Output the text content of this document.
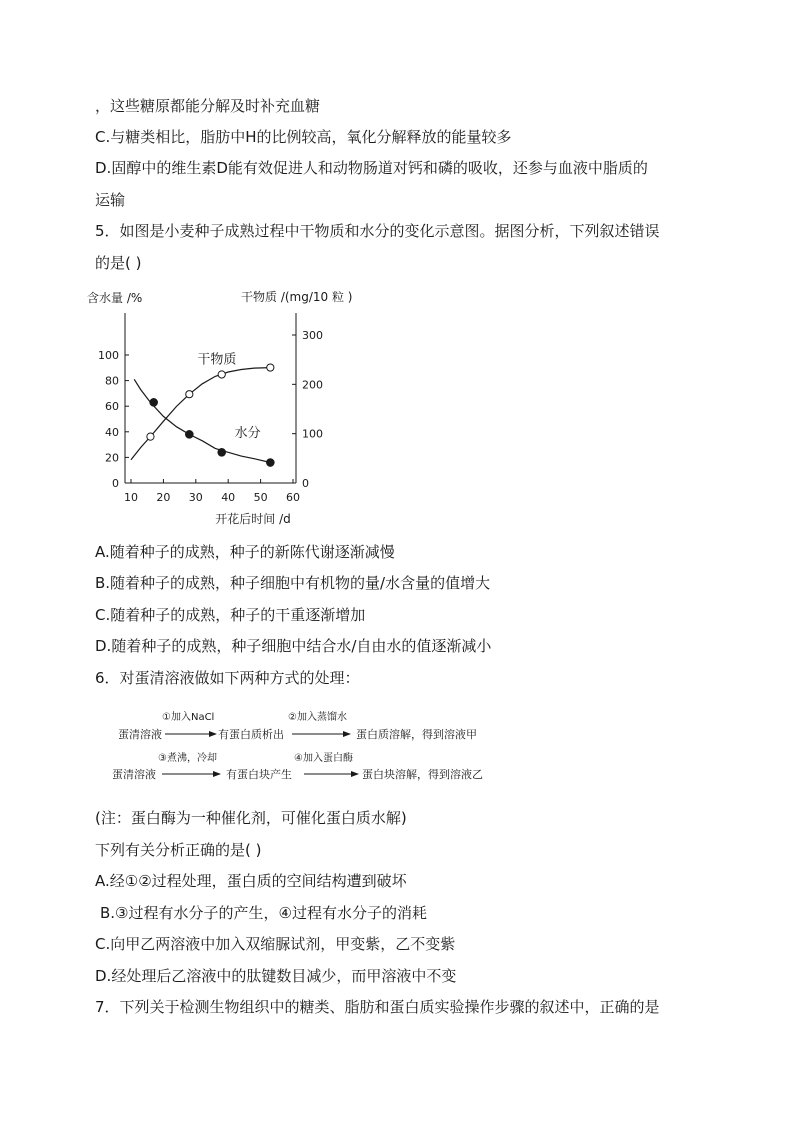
，这些糖原都能分解及时补充血糖
C.与糖类相比，脂肪中H的比例较高，氧化分解释放的能量较多
D.固醇中的维生素D能有效促进人和动物肠道对钙和磷的吸收，还参与血液中脂质的
运输
5．如图是小麦种子成熟过程中干物质和水分的变化示意图。据图分析，下列叙述错误
的是( )
0
20
40
60
80
100
0
100
200
300
10 20 30 40 50 60
含水量 /%	干物质 /(mg/10 粒 )
开花后时间 /d
干物质
水分
A.随着种子的成熟，种子的新陈代谢逐渐减慢
B.随着种子的成熟，种子细胞中有机物的量/水含量的值增大
C.随着种子的成熟，种子的干重逐渐增加
D.随着种子的成熟，种子细胞中结合水/自由水的值逐渐减小
6．对蛋清溶液做如下两种方式的处理：
蛋清溶液
①加入NaCl
有蛋白质析出
②加入蒸馏水
蛋白质溶解，得到溶液甲
蛋清溶液
③煮沸，冷却
有蛋白块产生
④加入蛋白酶
蛋白块溶解，得到溶液乙
(注：蛋白酶为一种催化剂，可催化蛋白质水解)
下列有关分析正确的是( )
A.经①②过程处理，蛋白质的空间结构遭到破坏
B.③过程有水分子的产生，④过程有水分子的消耗
C.向甲乙两溶液中加入双缩脲试剂，甲变紫，乙不变紫
D.经处理后乙溶液中的肽键数目减少，而甲溶液中不变
7．下列关于检测生物组织中的糖类、脂肪和蛋白质实验操作步骤的叙述中，正确的是
